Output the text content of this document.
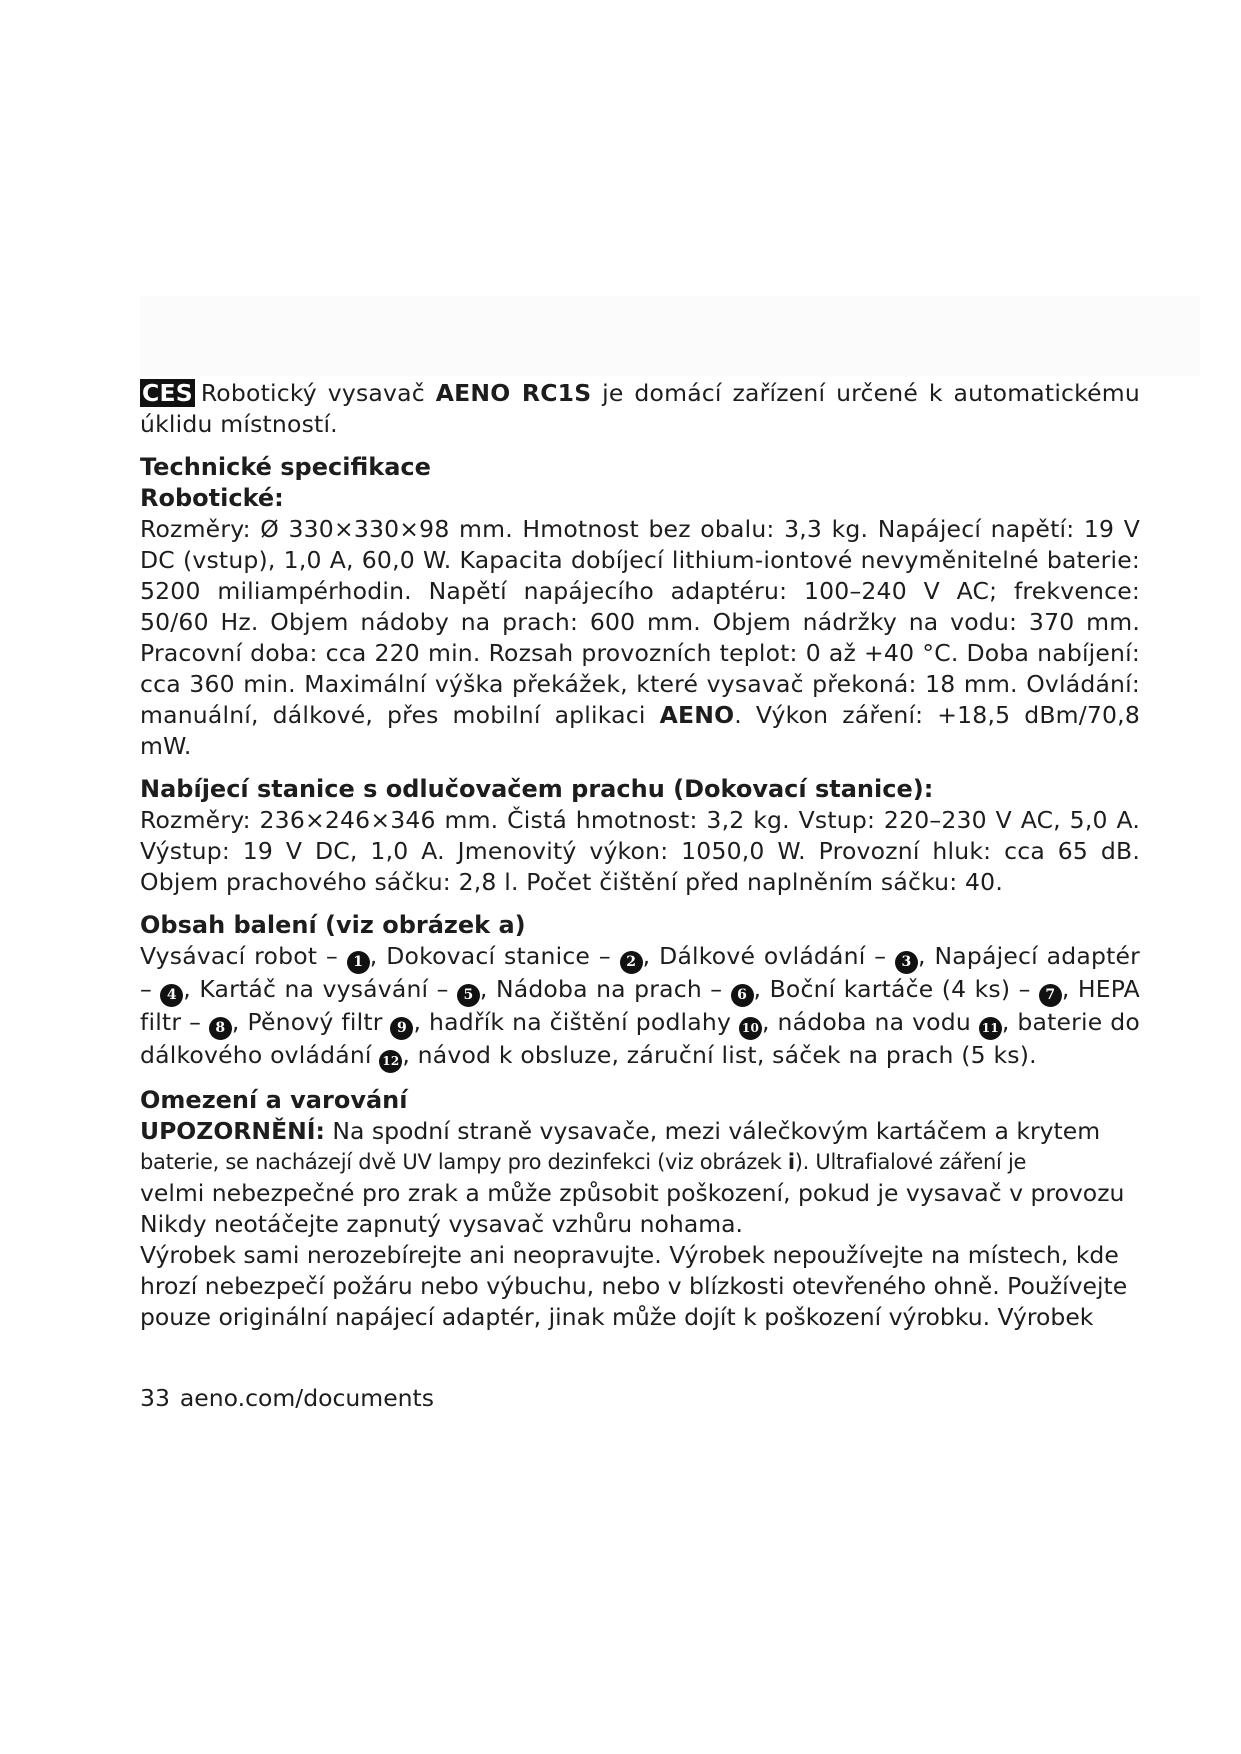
CES Robotický vysavač AENO RC1S je domácí zařízení určené k automatickému úklidu místností.

Technické specifikace

Robotické:

Rozměry: Ø 330×330×98 mm. Hmotnost bez obalu: 3,3 kg. Napájecí napětí: 19 V DC (vstup), 1,0 A, 60,0 W. Kapacita dobíjecí lithium-iontové nevyměnitelné baterie: 5200 miliampérhodin. Napětí napájecího adaptéru: 100–240 V AC; frekvence: 50/60 Hz. Objem nádoby na prach: 600 mm. Objem nádržky na vodu: 370 mm. Pracovní doba: cca 220 min. Rozsah provozních teplot: 0 až +40 °C. Doba nabíjení: cca 360 min. Maximální výška překážek, které vysavač překoná: 18 mm. Ovládání: manuální, dálkové, přes mobilní aplikaci AENO. Výkon záření: +18,5 dBm/70,8 mW.

Nabíjecí stanice s odlučovačem prachu (Dokovací stanice):

Rozměry: 236×246×346 mm. Čistá hmotnost: 3,2 kg. Vstup: 220–230 V AC, 5,0 A. Výstup: 19 V DC, 1,0 A. Jmenovitý výkon: 1050,0 W. Provozní hluk: cca 65 dB. Objem prachového sáčku: 2,8 l. Počet čištění před naplněním sáčku: 40.

Obsah balení (viz obrázek a)

Vysávací robot – 1 , Dokovací stanice – 2 , Dálkové ovládání – 3 , Napájecí adaptér – 4 , Kartáč na vysávání – 5 , Nádoba na prach – 6 , Boční kartáče (4 ks) – 7 , HEPA filtr – 8 , Pěnový filtr 9 , hadřík na čištění podlahy 10 , nádoba na vodu 11 , baterie do dálkového ovládání 12 , návod k obsluze, záruční list, sáček na prach (5 ks).

Omezení a varování

UPOZORNĚNÍ: Na spodní straně vysavače, mezi válečkovým kartáčem a krytem
baterie, se nacházejí dvě UV lampy pro dezinfekci (viz obrázek i). Ultrafialové záření je
velmi nebezpečné pro zrak a může způsobit poškození, pokud je vysavač v provozu
Nikdy neotáčejte zapnutý vysavač vzhůru nohama.
Výrobek sami nerozebírejte ani neopravujte. Výrobek nepoužívejte na místech, kde
hrozí nebezpečí požáru nebo výbuchu, nebo v blízkosti otevřeného ohně. Používejte
pouze originální napájecí adaptér, jinak může dojít k poškození výrobku. Výrobek
33 aeno.com/documents
